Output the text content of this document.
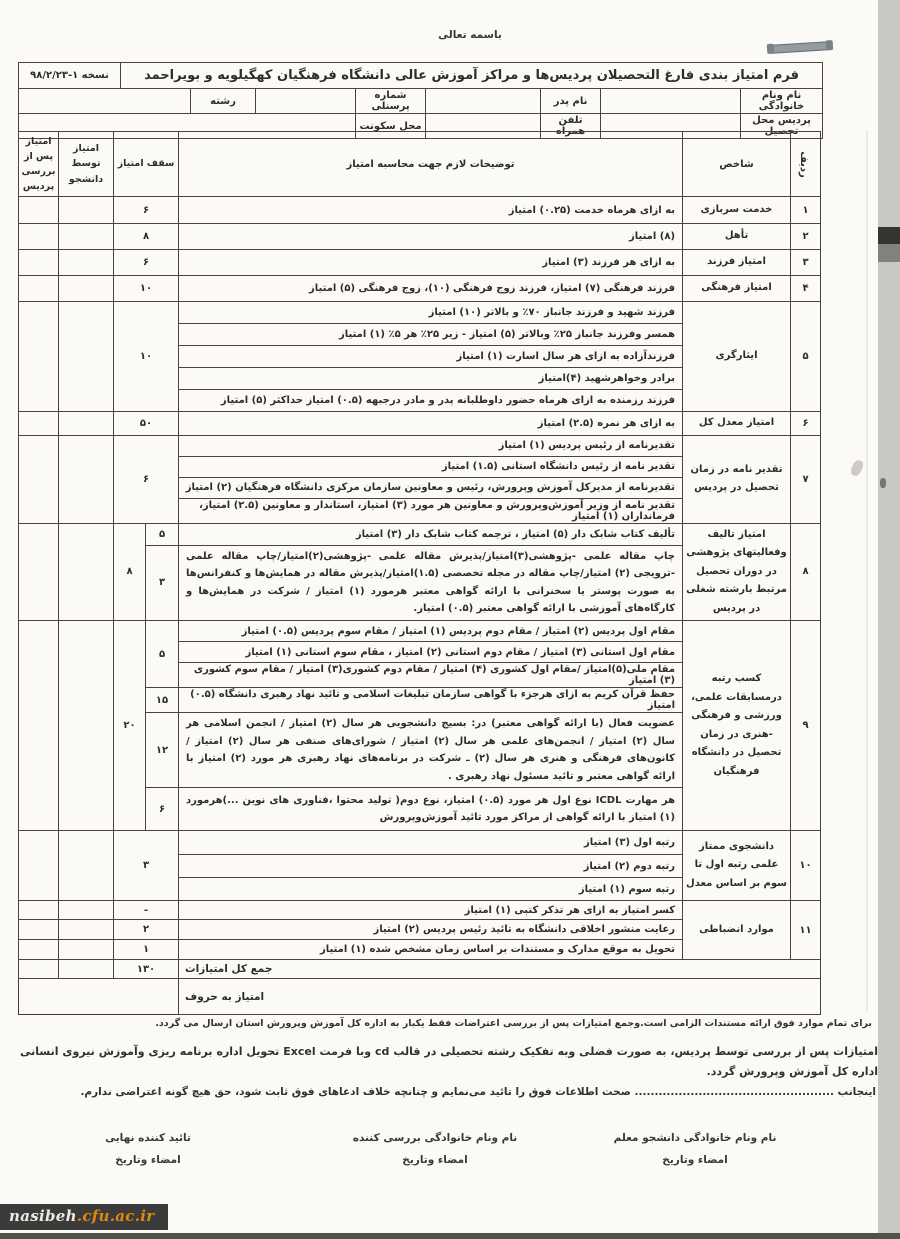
باسمه تعالی
فرم امتیاز بندی فارغ التحصیلان پردیس‌ها و مراکز آموزش عالی دانشگاه فرهنگیان کهگیلویه و بویراحمد								نسخه ۱-۹۸/۲/۲۳
نام ونام خانوادگی		نام پدر		شماره پرسنلی		رشته		
پردیس محل تحصیل		تلفن همراه		محل سکونت				
ردیف	شاخص	توضیحات لازم جهت محاسبه امتیاز	سقف امتیاز		امتیاز توسط دانشجو	امتیاز پس از بررسی پردیس
۱	خدمت سربازی	به ازای هرماه خدمت (۰.۲۵) امتیاز	۶			
۲	تأهل	(۸) امتیاز	۸			
۳	امتیاز فرزند	به ازای هر فرزند (۳) امتیاز	۶			
۴	امتیاز فرهنگی	فرزند فرهنگی (۷) امتیاز، فرزند زوج فرهنگی (۱۰)، زوج فرهنگی (۵) امتیاز	۱۰			
۵	ایثارگری	فرزند شهید و فرزند جانباز ۷۰٪ و بالاتر (۱۰) امتیاز	۱۰			
		همسر وفرزند جانباز ۲۵٪ وبالاتر (۵) امتیاز - زیر ۲۵٪ هر ۵٪ (۱) امتیاز				
		فرزندآزاده به ازای هر سال اسارت (۱) امتیاز				
		برادر وخواهرشهید (۴)امتیاز				
		فرزند رزمنده به ازای هرماه حضور داوطلبانه پدر و مادر درجبهه (۰.۵) امتیاز حداکثر (۵) امتیاز				
۶	امتیاز معدل کل	به ازای هر نمره (۲.۵) امتیاز	۵۰			
۷	تقدیر نامه در زمان تحصیل در پردیس	تقدیرنامه از رئیس پردیس (۱) امتیاز	۶			
		تقدیر نامه از رئیس دانشگاه استانی (۱.۵) امتیاز				
		تقدیرنامه از مدیرکل آموزش وپرورش، رئیس و معاونین سازمان مرکزی دانشگاه فرهنگیان (۲) امتیاز				
		تقدیر نامه از وزیر آموزش‌وپرورش و معاونین هر مورد (۳) امتیاز، استاندار و معاونین (۲.۵) امتیاز، فرمانداران (۱) امتیاز				
۸	امتیاز تالیف وفعالیتهای پژوهشی در دوران تحصیل مرتبط بارشته شغلی در پردیس	تألیف کتاب شابک دار (۵) امتیاز ، ترجمه کتاب شابک دار (۳) امتیاز	۵	۸		
		چاپ مقاله علمی -پژوهشی(۳)امتیاز/پذیرش مقاله علمی -پژوهشی(۲)امتیاز/چاپ مقاله علمی -ترویجی (۲) امتیاز/چاپ مقاله در مجله تخصصی (۱.۵)امتیاز/پذیرش مقاله در همایش‌ها و کنفرانس‌ها به صورت پوستر یا سخنرانی با ارائه گواهی معتبر هرمورد (۱) امتیاز / شرکت در همایش‌ها و کارگاه‌های آموزشی با ارائه گواهی معتبر (۰.۵) امتیاز.	۳			
۹	کسب رتبه درمسابقات علمی، ورزشی و فرهنگی -هنری در زمان تحصیل در دانشگاه فرهنگیان	مقام اول پردیس (۲) امتیاز / مقام دوم پردیس (۱) امتیاز / مقام سوم پردیس (۰.۵) امتیاز	۵	۲۰		
		مقام اول استانی (۳) امتیاز / مقام دوم استانی (۲) امتیاز ، مقام سوم استانی (۱) امتیاز				
		مقام ملی(۵)امتیاز /مقام اول کشوری (۴) امتیاز / مقام دوم کشوری(۳) امتیاز / مقام سوم کشوری (۳) امتیاز				
		حفظ قرآن کریم به ازای هرجزء با گواهی سازمان تبلیغات اسلامی و تائید نهاد رهبری دانشگاه (۰.۵) امتیاز	۱۵			
		عضویت فعال (با ارائه گواهی معتبر) در: بسیج دانشجویی هر سال (۲) امتیاز / انجمن اسلامی هر سال (۲) امتیاز / انجمن‌های علمی هر سال (۲) امتیاز / شورای‌های صنفی هر سال (۲) امتیاز / کانون‌های فرهنگی و هنری هر سال (۲) ـ شرکت در برنامه‌های نهاد رهبری هر مورد (۲) امتیاز با ارائه گواهی معتبر و تائید مسئول نهاد رهبری .	۱۲			
		هر مهارت ICDL نوع اول هر مورد (۰.۵) امتیاز، نوع دوم( تولید محتوا ،فناوری های نوین ...)هرمورد (۱) امتیاز با ارائه گواهی از مراکز مورد تائید آموزش‌وپرورش	۶			
۱۰	دانشجوی ممتاز علمی رتبه اول تا سوم بر اساس معدل	رتبه اول (۳) امتیاز	۳			
		رتبه دوم (۲) امتیاز				
		رتبه سوم (۱) امتیاز				
۱۱	موارد انضباطی	کسر امتیاز به ازای هر تذکر کتبی (۱) امتیاز	-			
		رعایت منشور اخلاقی دانشگاه به تائید رئیس پردیس (۲) امتیاز	۲			
		تحویل به موقع مدارک و مستندات بر اساس زمان مشخص شده (۱) امتیاز	۱			
جمع کل امتیازات			۱۳۰			
امتیاز به حروف						
برای تمام موارد فوق ارائه مستندات الزامی است.وجمع امتیازات پس از بررسی اعتراضات فقط یکبار به اداره کل آموزش وپرورش استان ارسال می گردد.
امتیازات پس از بررسی توسط پردیس، به صورت فضلی وبه تفکیک رشته تحصیلی در قالب cd وبا فرمت Excel تحویل اداره برنامه ریزی وآموزش نیروی انسانی اداره کل آموزش وپرورش گردد.
اینجانب .................................................. صحت اطلاعات فوق را تائید می‌نمایم و چنانچه خلاف ادعاهای فوق ثابت شود، حق هیچ گونه اعتراضی ندارم.
نام ونام خانوادگی دانشجو معلم
امضاء وتاریخ
نام ونام خانوادگی بررسی کننده
امضاء وتاریخ
تائید کننده نهایی
امضاء وتاریخ
nasibeh.cfu.ac.ir
